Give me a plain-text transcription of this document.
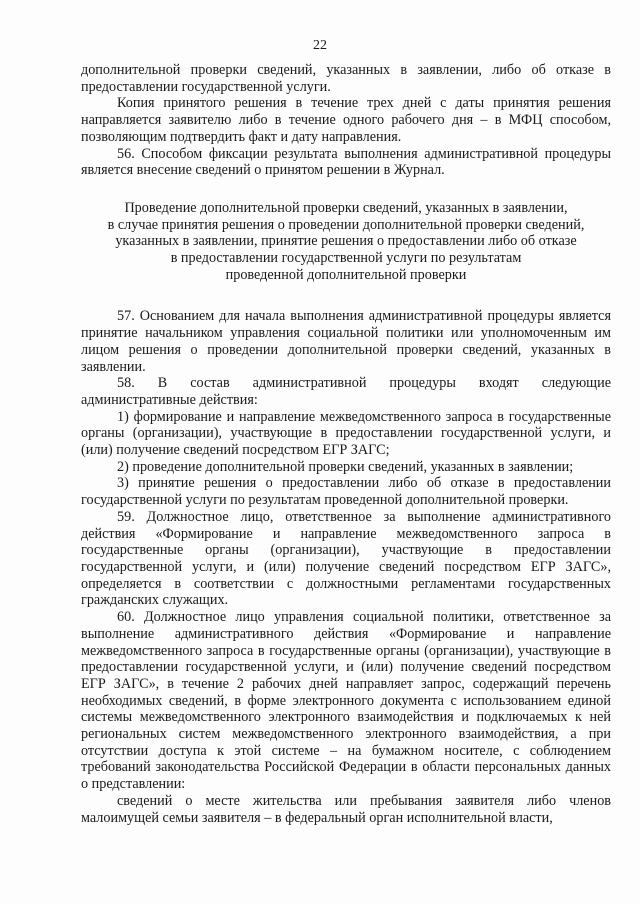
22

дополнительной проверки сведений, указанных в заявлении, либо об отказе в предоставлении государственной услуги.

Копия принятого решения в течение трех дней с даты принятия решения направляется заявителю либо в течение одного рабочего дня – в МФЦ способом, позволяющим подтвердить факт и дату направления.

56. Способом фиксации результата выполнения административной процедуры является внесение сведений о принятом решении в Журнал.

Проведение дополнительной проверки сведений, указанных в заявлении,
в случае принятия решения о проведении дополнительной проверки сведений,
указанных в заявлении, принятие решения о предоставлении либо об отказе
в предоставлении государственной услуги по результатам
проведенной дополнительной проверки

57. Основанием для начала выполнения административной процедуры является принятие начальником управления социальной политики или уполномоченным им лицом решения о проведении дополнительной проверки сведений, указанных в заявлении.

58. В состав административной процедуры входят следующие административные действия:

1) формирование и направление межведомственного запроса в государственные органы (организации), участвующие в предоставлении государственной услуги, и (или) получение сведений посредством ЕГР ЗАГС;

2) проведение дополнительной проверки сведений, указанных в заявлении;

3) принятие решения о предоставлении либо об отказе в предоставлении государственной услуги по результатам проведенной дополнительной проверки.

59. Должностное лицо, ответственное за выполнение административного действия «Формирование и направление межведомственного запроса в государственные органы (организации), участвующие в предоставлении государственной услуги, и (или) получение сведений посредством ЕГР ЗАГС», определяется в соответствии с должностными регламентами государственных гражданских служащих.

60. Должностное лицо управления социальной политики, ответственное за выполнение административного действия «Формирование и направление межведомственного запроса в государственные органы (организации), участвующие в предоставлении государственной услуги, и (или) получение сведений посредством ЕГР ЗАГС», в течение 2 рабочих дней направляет запрос, содержащий перечень необходимых сведений, в форме электронного документа с использованием единой системы межведомственного электронного взаимодействия и подключаемых к ней региональных систем межведомственного электронного взаимодействия, а при отсутствии доступа к этой системе – на бумажном носителе, с соблюдением требований законодательства Российской Федерации в области персональных данных о представлении:

сведений о месте жительства или пребывания заявителя либо членов малоимущей семьи заявителя – в федеральный орган исполнительной власти,
